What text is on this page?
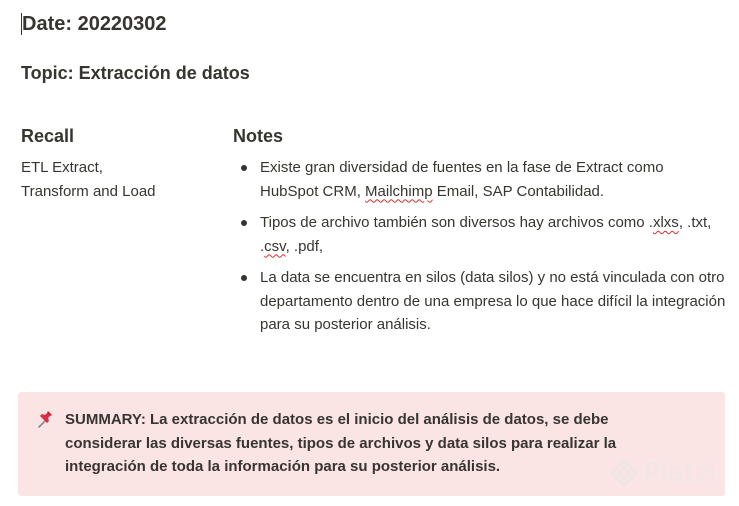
Date: 20220302
Topic: Extracción de datos
Recall

ETL Extract,
Transform and Load

Notes
Existe gran diversidad de fuentes en la fase de Extract como
HubSpot CRM, Mailchimp Email, SAP Contabilidad.
Tipos de archivo también son diversos hay archivos como .xlxs, .txt, .csv, .pdf,
La data se encuentra en silos (data silos) y no está vinculada con otro departamento dentro de una empresa lo que hace difícil la integración para su posterior análisis.

SUMMARY: La extracción de datos es el inicio del análisis de datos, se debe considerar las diversas fuentes, tipos de archivos y data silos para realizar la integración de toda la información para su posterior análisis.	Platzi
